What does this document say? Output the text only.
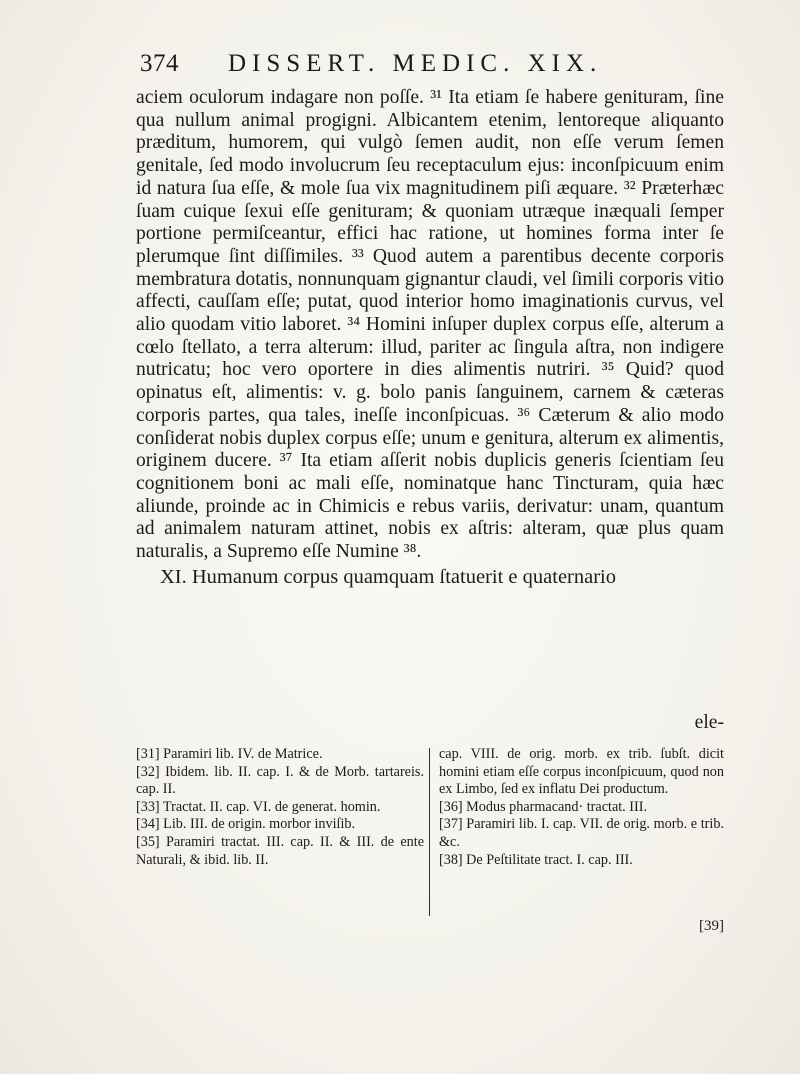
374 DISSERT. MEDIC. XIX.

aciem oculorum indagare non poſſe. ³¹ Ita etiam ſe habere genituram, ſine qua nullum animal progigni. Albicantem etenim, lentoreque aliquanto præditum, humorem, qui vulgò ſemen audit, non eſſe verum ſemen genitale, ſed modo involucrum ſeu receptaculum ejus: inconſpicuum enim id natura ſua eſſe, & mole ſua vix magnitudinem piſi æquare. ³² Præterhæc ſuam cuique ſexui eſſe genituram; & quoniam utræque inæquali ſemper portione permiſceantur, effici hac ratione, ut homines forma inter ſe plerumque ſint diſſimiles. ³³ Quod autem a parentibus decente corporis membratura dotatis, nonnunquam gignantur claudi, vel ſimili corporis vitio affecti, cauſſam eſſe; putat, quod interior homo imaginationis curvus, vel alio quodam vitio laboret. ³⁴ Homini inſuper duplex corpus eſſe, alterum a cœlo ſtellato, a terra alterum: illud, pariter ac ſingula aſtra, non indigere nutricatu; hoc vero oportere in dies alimentis nutriri. ³⁵ Quid? quod opinatus eſt, alimentis: v. g. bolo panis ſanguinem, carnem & cæteras corporis partes, qua tales, ineſſe inconſpicuas. ³⁶ Cæterum & alio modo conſiderat nobis duplex corpus eſſe; unum e genitura, alterum ex alimentis, originem ducere. ³⁷ Ita etiam aſſerit nobis duplicis generis ſcientiam ſeu cognitionem boni ac mali eſſe, nominatque hanc Tincturam, quia hæc aliunde, proinde ac in Chimicis e rebus variis, derivatur: unam, quantum ad animalem naturam attinet, nobis ex aſtris: alteram, quæ plus quam naturalis, a Supremo eſſe Numine ³⁸.

XI. Humanum corpus quamquam ſtatuerit e quaternario

ele-

[31] Paramiri lib. IV. de Matrice.

[32] Ibidem. lib. II. cap. I. & de Morb. tartareis. cap. II.

[33] Tractat. II. cap. VI. de generat. homin.

[34] Lib. III. de origin. morbor inviſib.

[35] Paramiri tractat. III. cap. II. & III. de ente Naturali, & ibid. lib. II.

cap. VIII. de orig. morb. ex trib. ſubſt. dicit homini etiam eſſe corpus inconſpicuum, quod non ex Limbo, ſed ex inflatu Dei productum.

[36] Modus pharmacand· tractat. III.

[37] Paramiri lib. I. cap. VII. de orig. morb. e trib. &c.

[38] De Peſtilitate tract. I. cap. III.

[39]
